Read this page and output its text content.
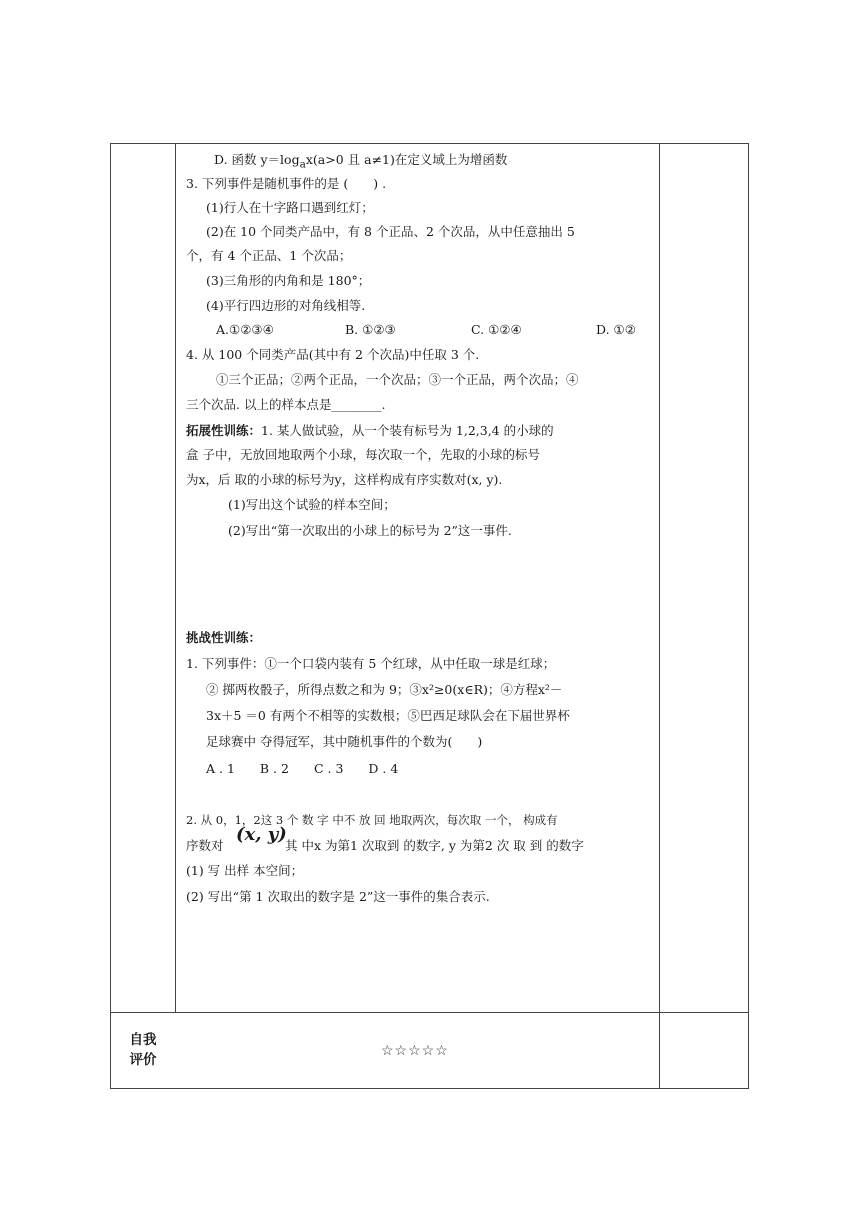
D. 函数 $y=\log_ax(a>0$ 且 a≠1)在定义域上为增函数
3. 下列事件是随机事件的是 (　　) .
(1)行人在十字路口遇到红灯；
(2)在 10 个同类产品中，有 8 个正品、2 个次品，从中任意抽出 5
个，有 4 个正品、1 个次品；
(3)三角形的内角和是 180°；
(4)平行四边形的对角线相等.
A.①②③④	B. ①②③	C. ①②④	D. ①②
4. 从 100 个同类产品(其中有 2 个次品)中任取 3 个.
①三个正品；②两个正品，一个次品；③一个正品，两个次品；④
三个次品. 以上的样本点是________.
拓展性训练：1. 某人做试验，从一个装有标号为 1,2,3,4 的小球的
盒 子中，无放回地取两个小球，每次取一个，先取的小球的标号
为x，后 取的小球的标号为y，这样构成有序实数对(x, y).
(1)写出这个试验的样本空间；
(2)写出“第一次取出的小球上的标号为 2”这一事件.
挑战性训练：
1. 下列事件：①一个口袋内装有 5 个红球，从中任取一球是红球；
② 掷两枚骰子，所得点数之和为 9；③x²≥0(x∈R)；④方程x²－
3x＋5 ＝0 有两个不相等的实数根；⑤巴西足球队会在下届世界杯
足球赛中 夺得冠军，其中随机事件的个数为(　　)
A . 1　　B . 2　　C . 3　　D . 4
2. 从 0，1，2这 3 个 数 字 中不 放 回 地取两次，每次取 一个， 构成有
序数对
(x, y)
其 中x 为第1 次取到 的数字, y 为第2 次 取 到 的数字
(1) 写 出样 本空间；
(2) 写出“第 1 次取出的数字是 2”这一事件的集合表示.
自我
评价
☆☆☆☆☆
